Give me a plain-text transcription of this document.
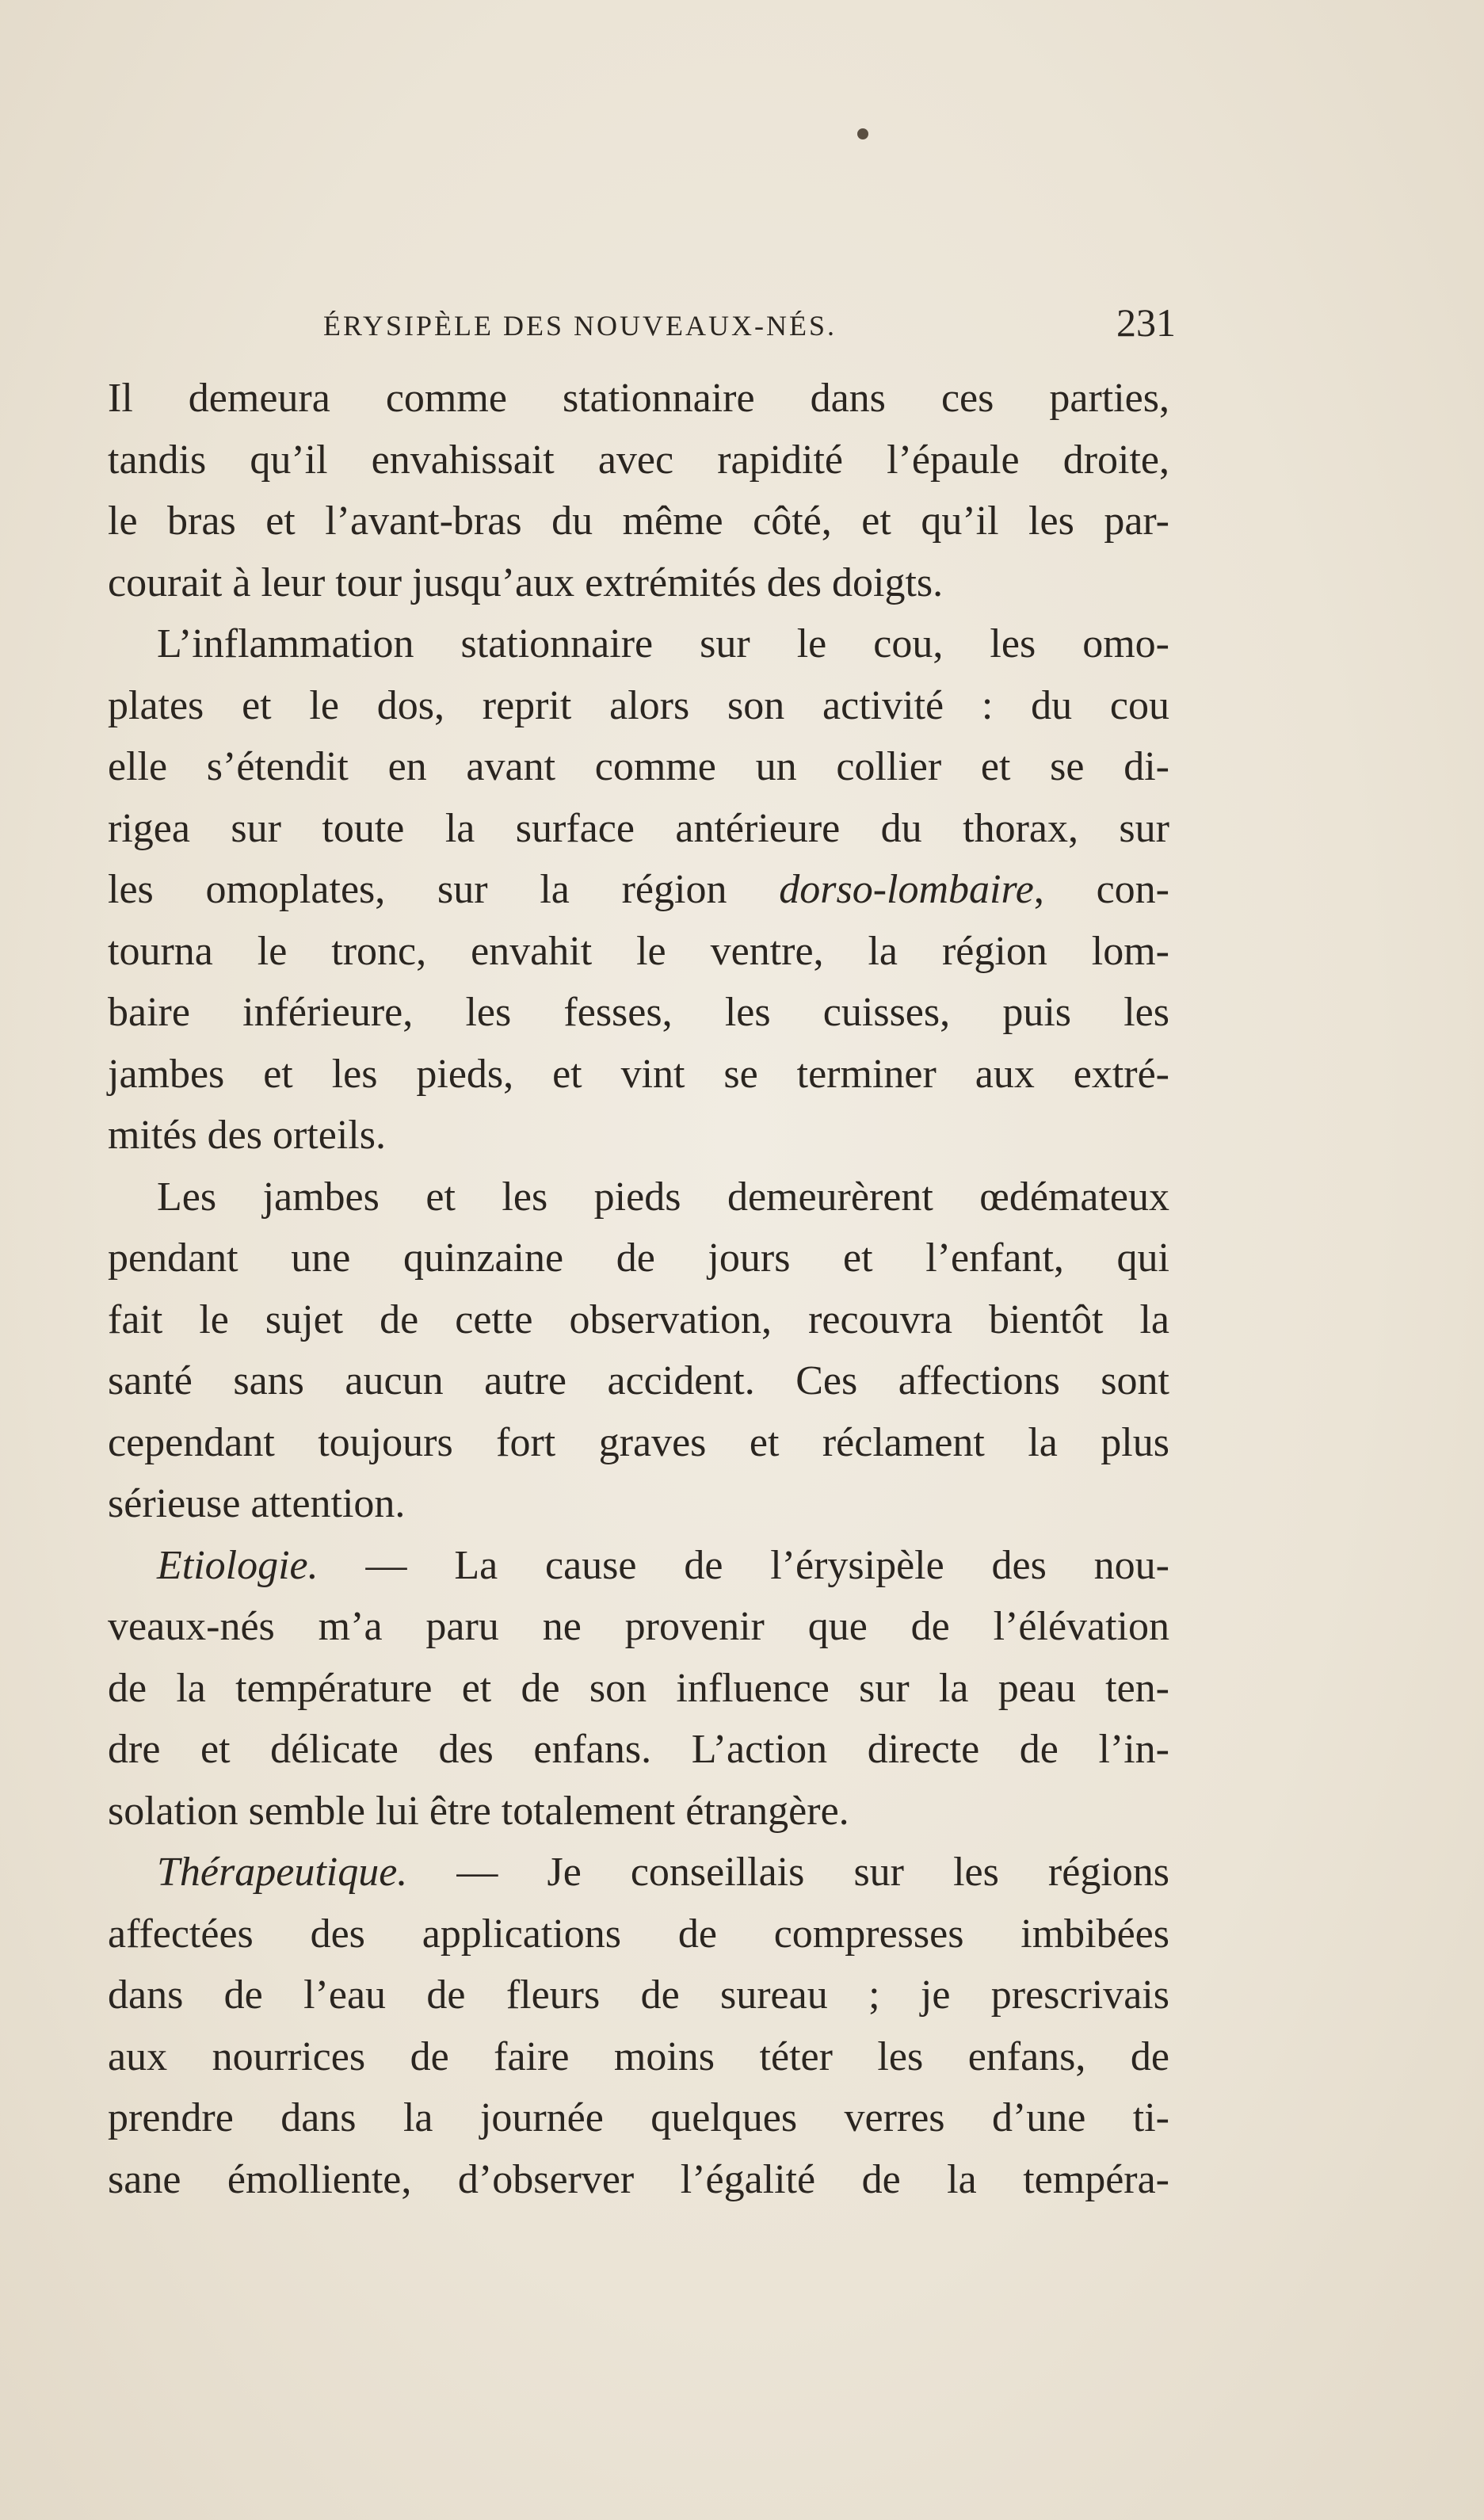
ÉRYSIPÈLE DES NOUVEAUX-NÉS.	231

Il demeura comme stationnaire dans ces parties,

tandis qu’il envahissait avec rapidité l’épaule droite,

le bras et l’avant-bras du même côté, et qu’il les par-

courait à leur tour jusqu’aux extrémités des doigts.

L’inflammation stationnaire sur le cou, les omo-

plates et le dos, reprit alors son activité : du cou

elle s’étendit en avant comme un collier et se di-

rigea sur toute la surface antérieure du thorax, sur

les omoplates, sur la région dorso-lombaire, con-

tourna le tronc, envahit le ventre, la région lom-

baire inférieure, les fesses, les cuisses, puis les

jambes et les pieds, et vint se terminer aux extré-

mités des orteils.

Les jambes et les pieds demeurèrent œdémateux

pendant une quinzaine de jours et l’enfant, qui

fait le sujet de cette observation, recouvra bientôt la

santé sans aucun autre accident. Ces affections sont

cependant toujours fort graves et réclament la plus

sérieuse attention.

Etiologie. — La cause de l’érysipèle des nou-

veaux-nés m’a paru ne provenir que de l’élévation

de la température et de son influence sur la peau ten-

dre et délicate des enfans. L’action directe de l’in-

solation semble lui être totalement étrangère.

Thérapeutique. — Je conseillais sur les régions

affectées des applications de compresses imbibées

dans de l’eau de fleurs de sureau ; je prescrivais

aux nourrices de faire moins téter les enfans, de

prendre dans la journée quelques verres d’une ti-

sane émolliente, d’observer l’égalité de la tempéra-
